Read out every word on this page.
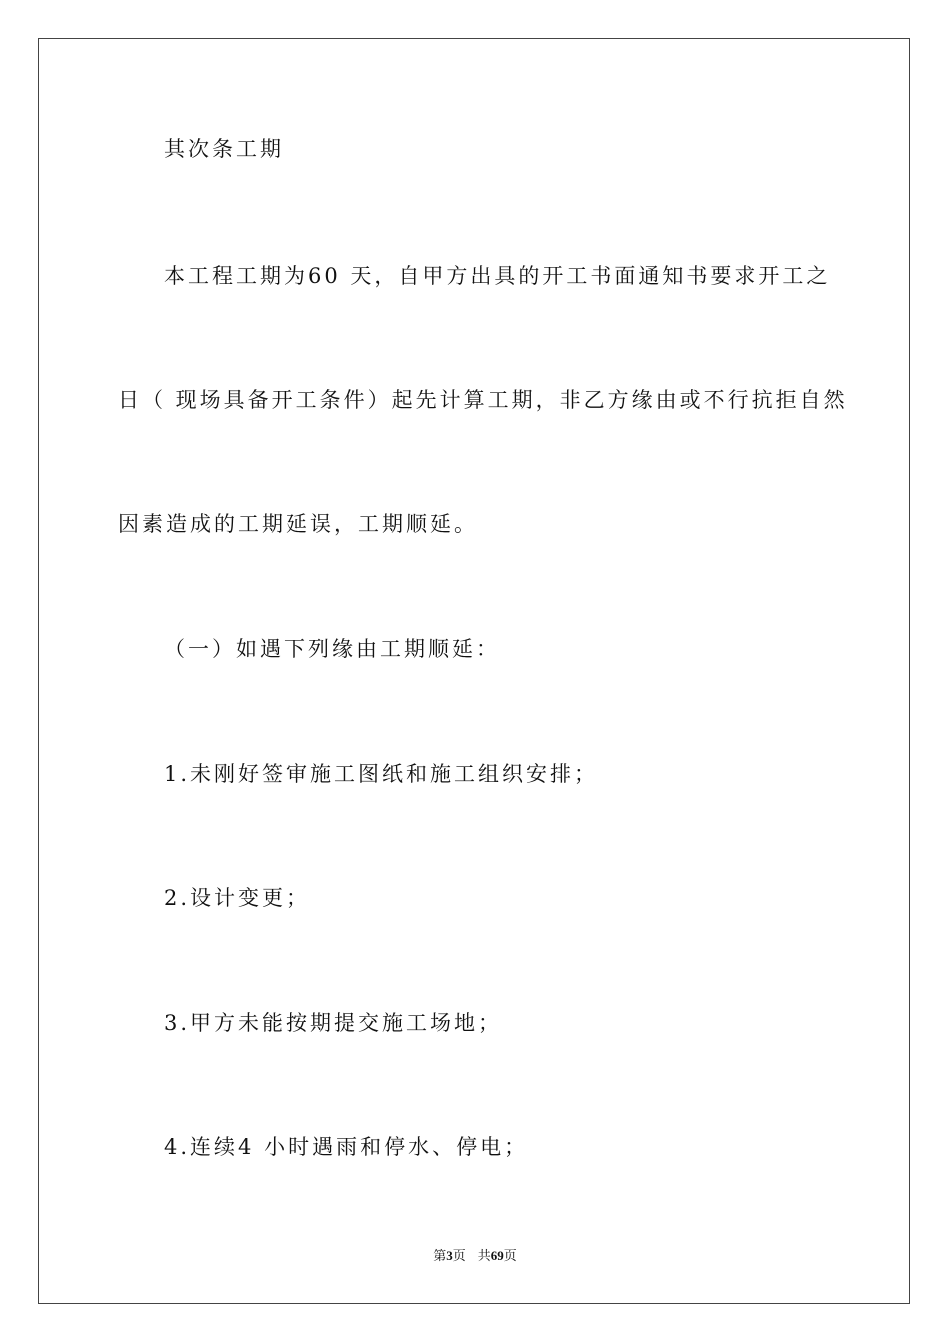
其次条工期

本工程工期为60 天，自甲方出具的开工书面通知书要求开工之

日（ 现场具备开工条件）起先计算工期，非乙方缘由或不行抗拒自然

因素造成的工期延误，工期顺延。

（一）如遇下列缘由工期顺延：

1.未刚好签审施工图纸和施工组织安排；

2.设计变更；

3.甲方未能按期提交施工场地；

4.连续4 小时遇雨和停水、停电；

第3页 共69页
